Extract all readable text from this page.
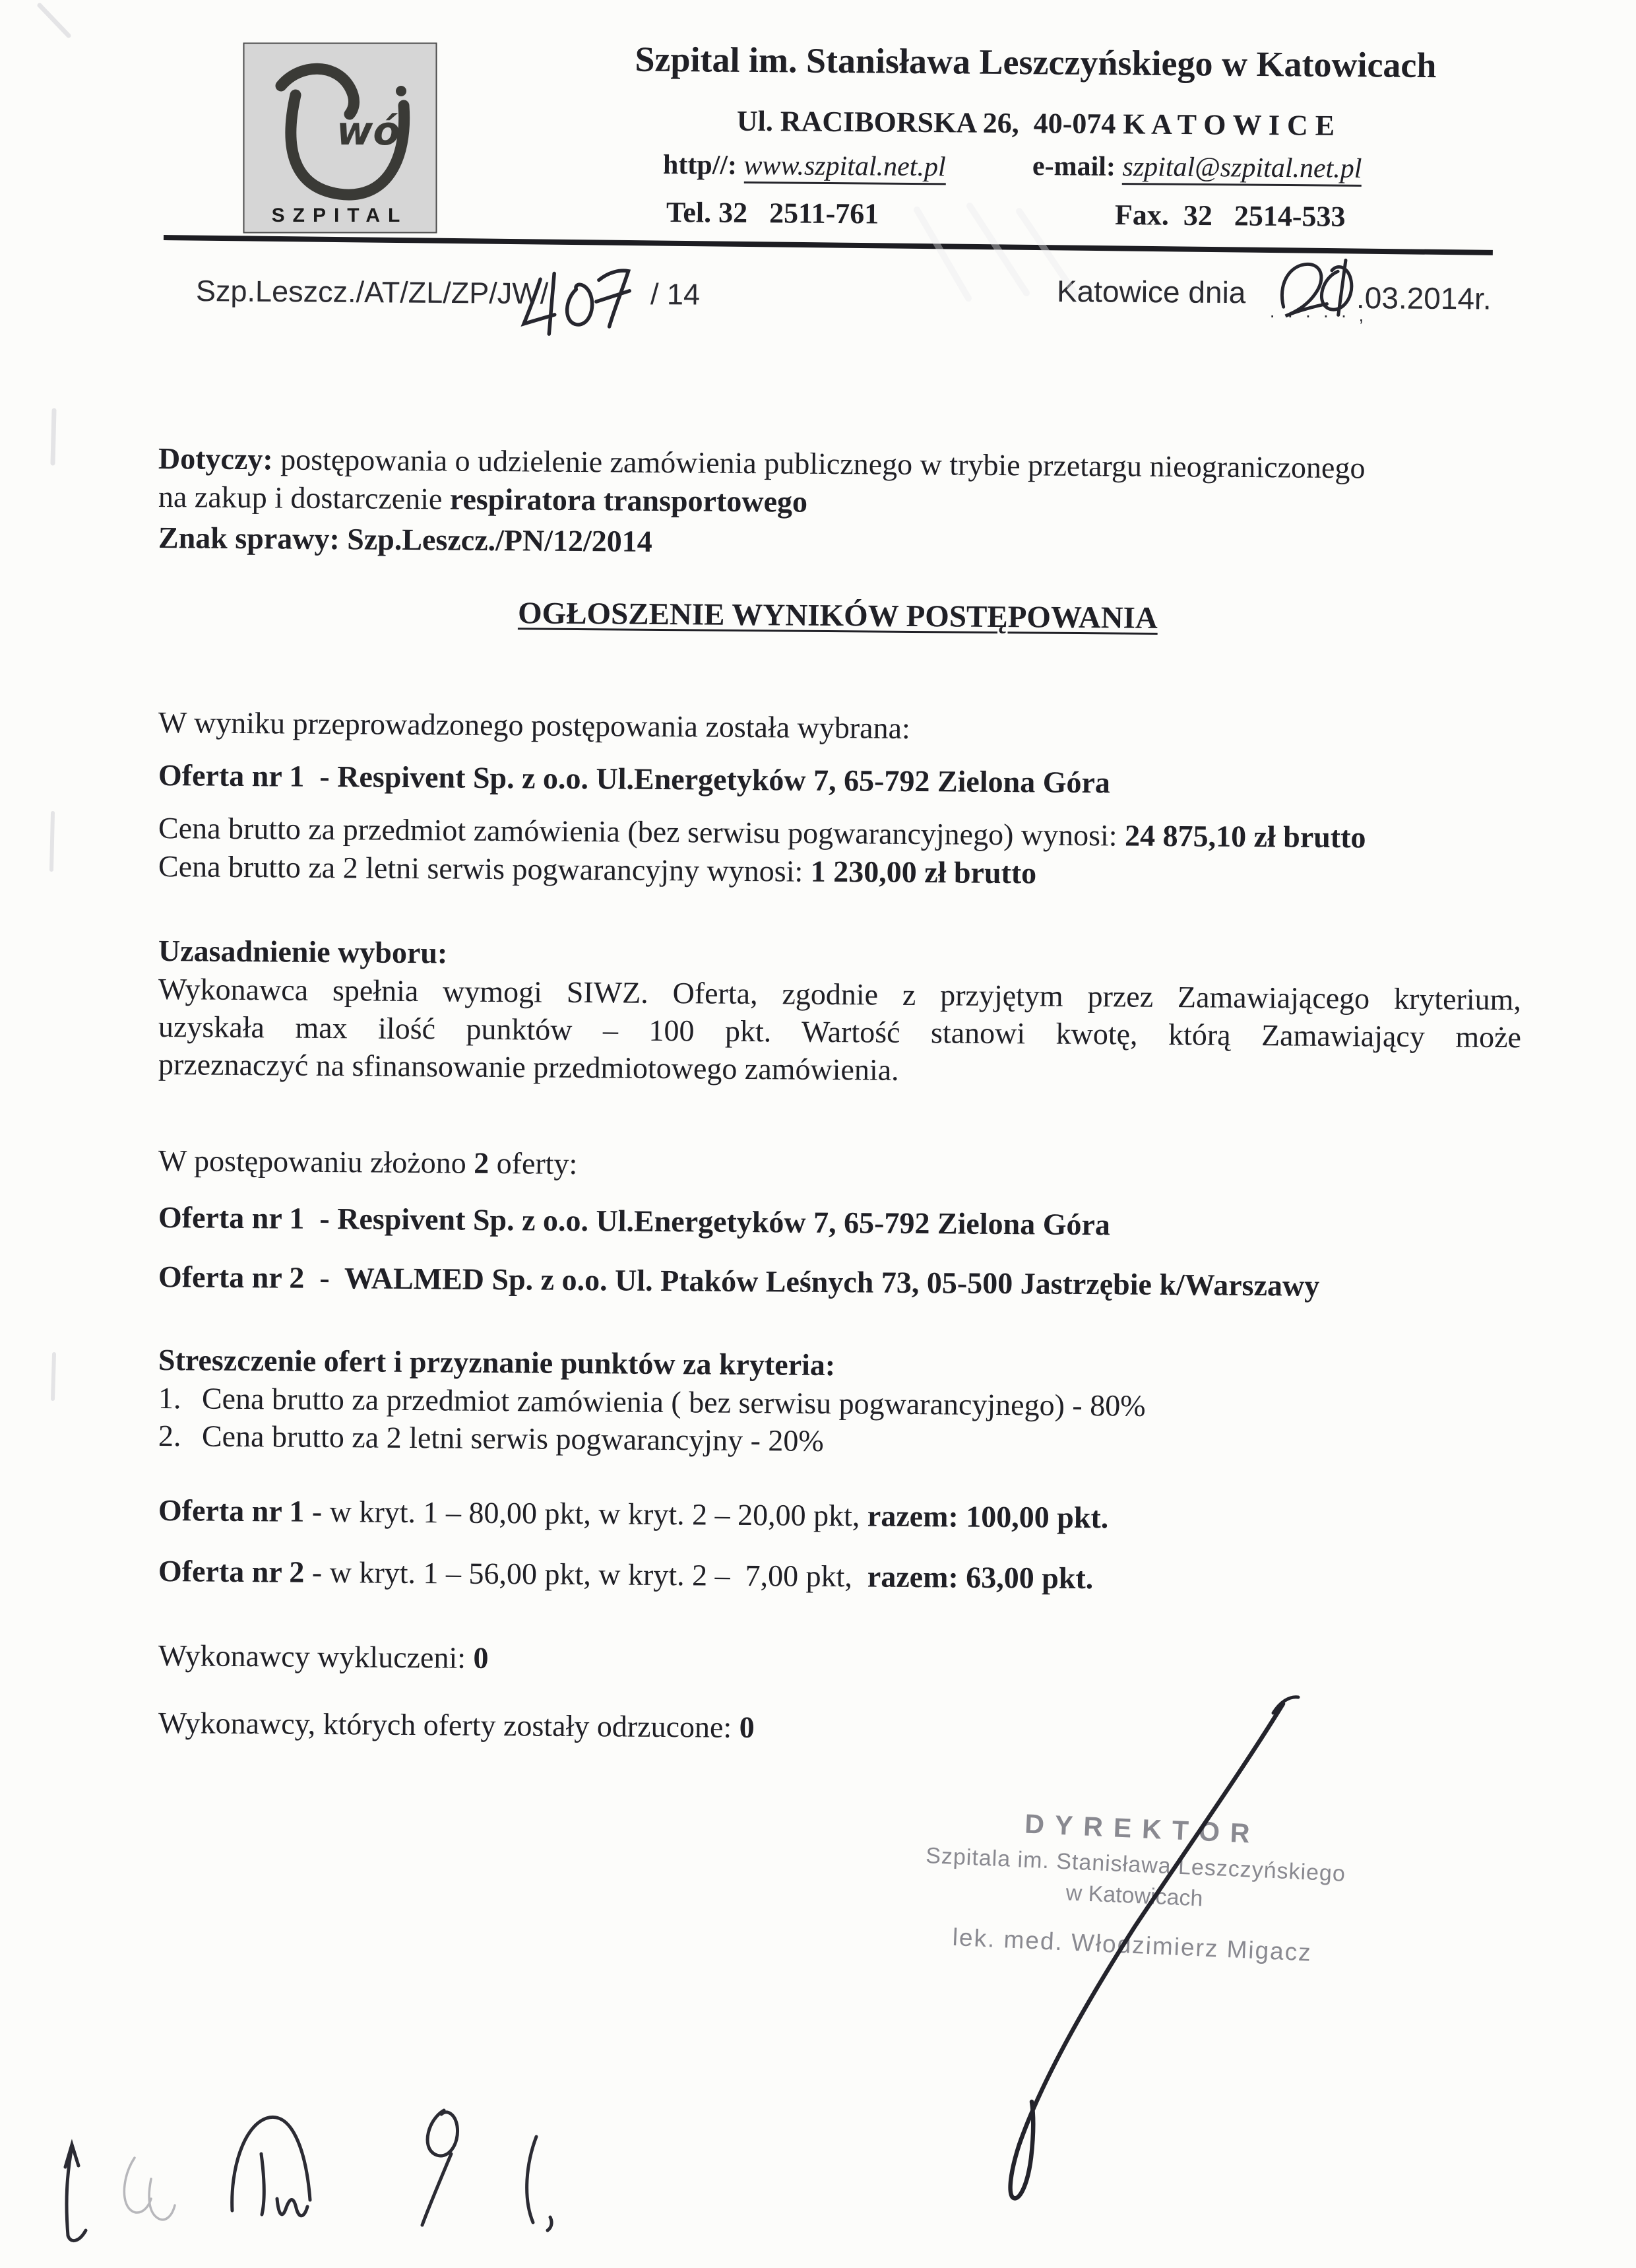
wó
SZPITAL
Szpital im. Stanisława Leszczyńskiego w Katowicach
Ul. RACIBORSKA 26,  40-074 K A T O W I C E
http//: www.szpital.net.pl	e-mail: szpital@szpital.net.pl
Tel. 32   2511-761	Fax.  32   2514-533
Szp.Leszcz./AT/ZL/ZP/JW/	/ 14	Katowice dnia
· · · · · ,
.03.2014r.
Dotyczy: postępowania o udzielenie zamówienia publicznego w trybie przetargu nieograniczonego
na zakup i dostarczenie respiratora transportowego
Znak sprawy: Szp.Leszcz./PN/12/2014
OGŁOSZENIE WYNIKÓW POSTĘPOWANIA
W wyniku przeprowadzonego postępowania została wybrana:
Oferta nr 1  - Respivent Sp. z o.o. Ul.Energetyków 7, 65-792 Zielona Góra
Cena brutto za przedmiot zamówienia (bez serwisu pogwarancyjnego) wynosi: 24 875,10 zł brutto
Cena brutto za 2 letni serwis pogwarancyjny wynosi: 1 230,00 zł brutto
Uzasadnienie wyboru:
Wykonawca spełnia wymogi SIWZ. Oferta, zgodnie z przyjętym przez Zamawiającego kryterium,
uzyskała max ilość punktów – 100 pkt. Wartość stanowi kwotę, którą Zamawiający może
przeznaczyć na sfinansowanie przedmiotowego zamówienia.
W postępowaniu złożono 2 oferty:
Oferta nr 1  - Respivent Sp. z o.o. Ul.Energetyków 7, 65-792 Zielona Góra
Oferta nr 2  -  WALMED Sp. z o.o. Ul. Ptaków Leśnych 73, 05-500 Jastrzębie k/Warszawy
Streszczenie ofert i przyznanie punktów za kryteria:
1. Cena brutto za przedmiot zamówienia ( bez serwisu pogwarancyjnego) - 80%
2. Cena brutto za 2 letni serwis pogwarancyjny - 20%
Oferta nr 1 - w kryt. 1 – 80,00 pkt, w kryt. 2 – 20,00 pkt, razem: 100,00 pkt.
Oferta nr 2 - w kryt. 1 – 56,00 pkt, w kryt. 2 –  7,00 pkt,  razem: 63,00 pkt.
Wykonawcy wykluczeni: 0
Wykonawcy, których oferty zostały odrzucone: 0
DYREKTOR
Szpitala im. Stanisława Leszczyńskiego
w Katowicach
lek. med. Włodzimierz Migacz
